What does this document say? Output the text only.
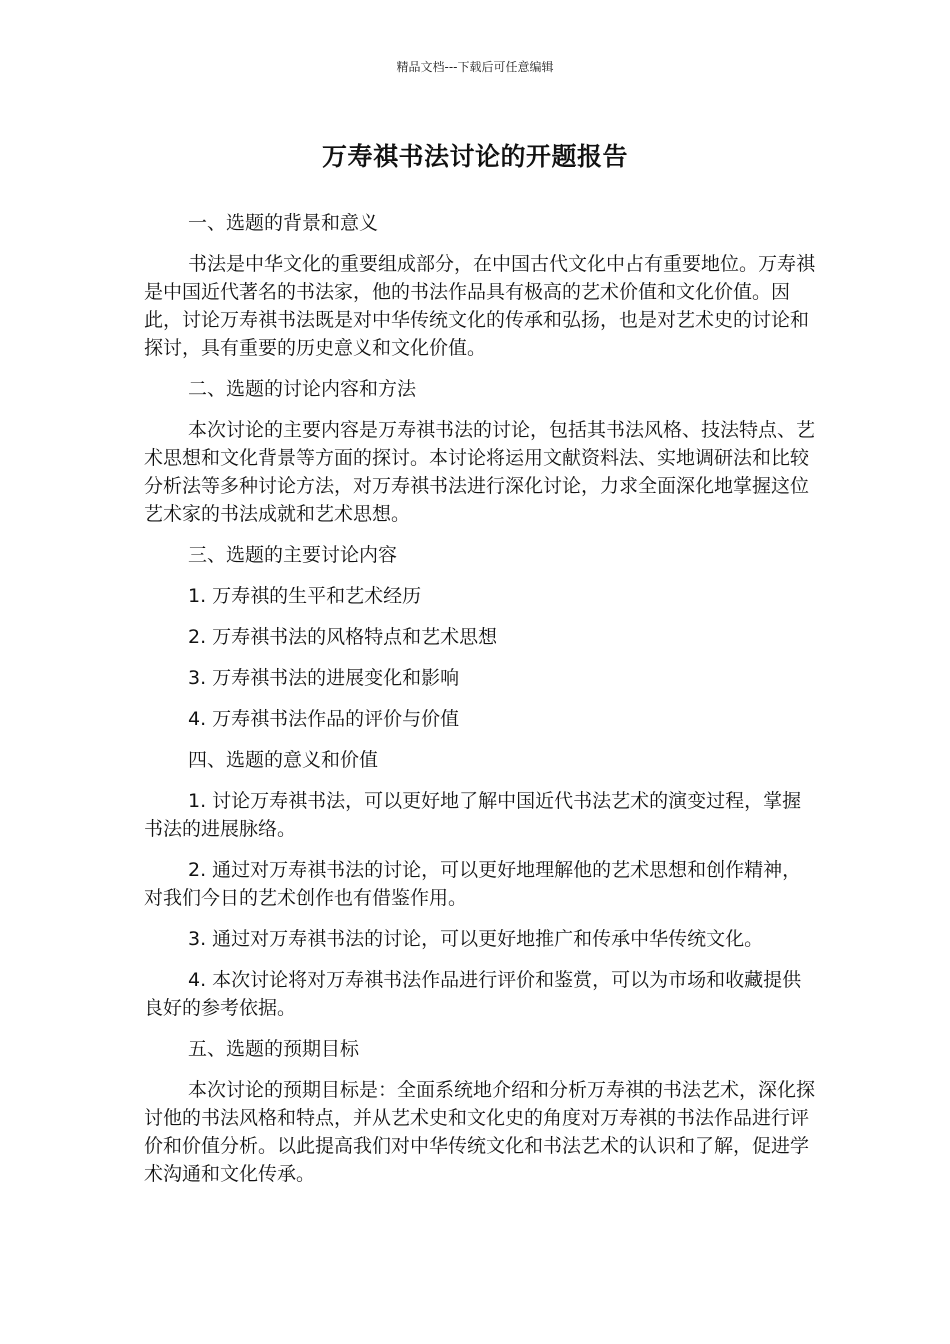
精品文档---下载后可任意编辑
万寿祺书法讨论的开题报告

一、选题的背景和意义

书法是中华文化的重要组成部分，在中国古代文化中占有重要地位。万寿祺是中国近代著名的书法家，他的书法作品具有极高的艺术价值和文化价值。因此，讨论万寿祺书法既是对中华传统文化的传承和弘扬，也是对艺术史的讨论和探讨，具有重要的历史意义和文化价值。

二、选题的讨论内容和方法

本次讨论的主要内容是万寿祺书法的讨论，包括其书法风格、技法特点、艺术思想和文化背景等方面的探讨。本讨论将运用文献资料法、实地调研法和比较分析法等多种讨论方法，对万寿祺书法进行深化讨论，力求全面深化地掌握这位艺术家的书法成就和艺术思想。

三、选题的主要讨论内容

1. 万寿祺的生平和艺术经历

2. 万寿祺书法的风格特点和艺术思想

3. 万寿祺书法的进展变化和影响

4. 万寿祺书法作品的评价与价值

四、选题的意义和价值

1. 讨论万寿祺书法，可以更好地了解中国近代书法艺术的演变过程，掌握书法的进展脉络。

2. 通过对万寿祺书法的讨论，可以更好地理解他的艺术思想和创作精神，对我们今日的艺术创作也有借鉴作用。

3. 通过对万寿祺书法的讨论，可以更好地推广和传承中华传统文化。

4. 本次讨论将对万寿祺书法作品进行评价和鉴赏，可以为市场和收藏提供良好的参考依据。

五、选题的预期目标

本次讨论的预期目标是：全面系统地介绍和分析万寿祺的书法艺术，深化探讨他的书法风格和特点，并从艺术史和文化史的角度对万寿祺的书法作品进行评价和价值分析。以此提高我们对中华传统文化和书法艺术的认识和了解，促进学术沟通和文化传承。
